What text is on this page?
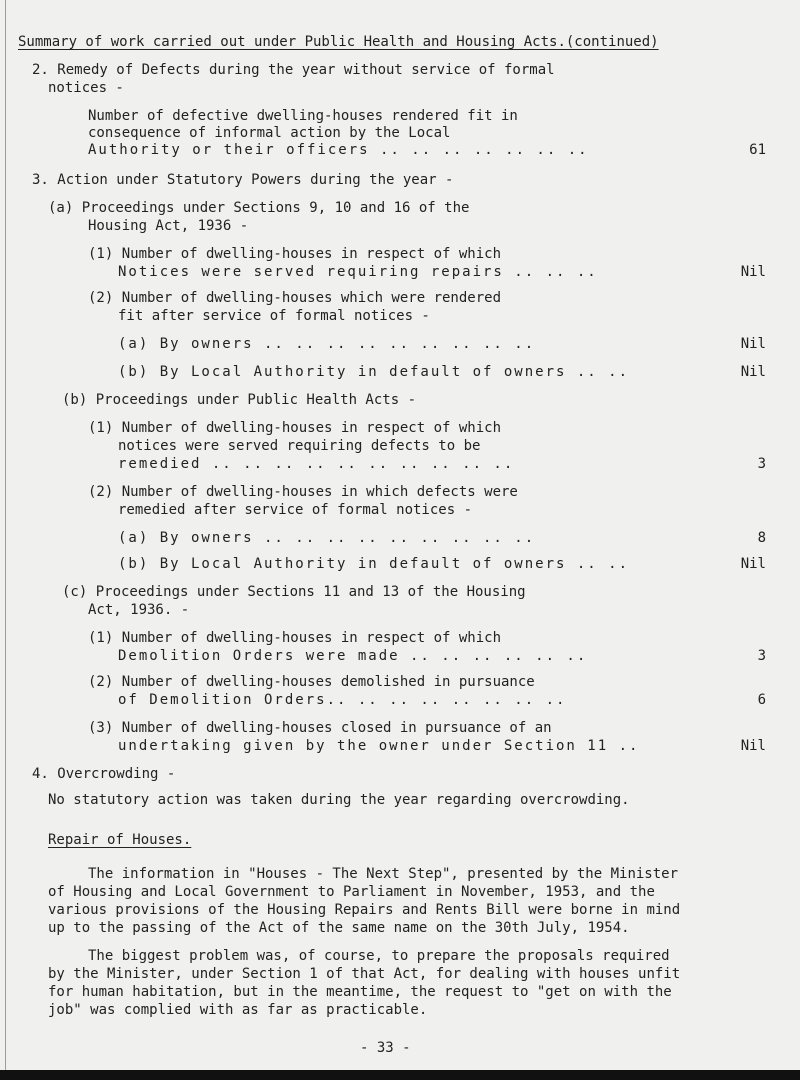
Summary of work carried out under Public Health and Housing Acts.(continued)
2. Remedy of Defects during the year without service of formal
notices -
Number of defective dwelling-houses rendered fit in
consequence of informal action by the Local
Authority or their officers .. .. .. .. .. .. ..	61
3. Action under Statutory Powers during the year -
(a) Proceedings under Sections 9, 10 and 16 of the
Housing Act, 1936 -
(1) Number of dwelling-houses in respect of which
Notices were served requiring repairs .. .. ..	Nil
(2) Number of dwelling-houses which were rendered
fit after service of formal notices -
(a) By owners .. .. .. .. .. .. .. .. ..	Nil
(b) By Local Authority in default of owners .. ..	Nil
(b) Proceedings under Public Health Acts -
(1) Number of dwelling-houses in respect of which
notices were served requiring defects to be
remedied .. .. .. .. .. .. .. .. .. ..	3
(2) Number of dwelling-houses in which defects were
remedied after service of formal notices -
(a) By owners .. .. .. .. .. .. .. .. ..	8
(b) By Local Authority in default of owners .. ..	Nil
(c) Proceedings under Sections 11 and 13 of the Housing
Act, 1936. -
(1) Number of dwelling-houses in respect of which
Demolition Orders were made .. .. .. .. .. ..	3
(2) Number of dwelling-houses demolished in pursuance
of Demolition Orders.. .. .. .. .. .. .. ..	6
(3) Number of dwelling-houses closed in pursuance of an
undertaking given by the owner under Section 11 ..	Nil
4. Overcrowding -
No statutory action was taken during the year regarding overcrowding.
Repair of Houses.
The information in "Houses - The Next Step", presented by the Minister
of Housing and Local Government to Parliament in November, 1953, and the
various provisions of the Housing Repairs and Rents Bill were borne in mind
up to the passing of the Act of the same name on the 30th July, 1954.
The biggest problem was, of course, to prepare the proposals required
by the Minister, under Section 1 of that Act, for dealing with houses unfit
for human habitation, but in the meantime, the request to "get on with the
job" was complied with as far as practicable.
- 33 -
